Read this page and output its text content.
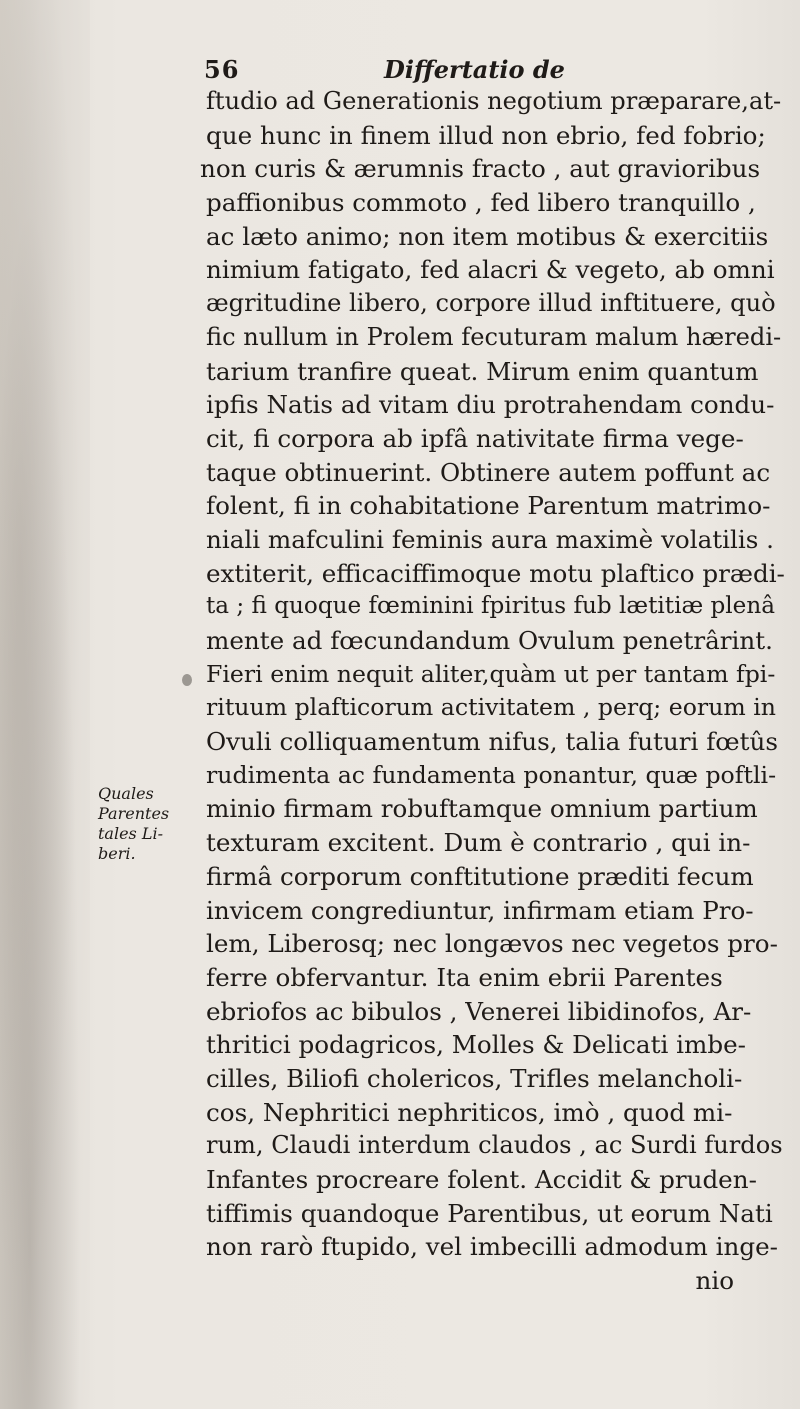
56	Differtatio de
Quales
Parentes
tales Li-
beri.
ftudio ad Generationis negotium præparare,at-
que hunc in finem illud non ebrio, fed fobrio;
non curis & ærumnis fracto , aut gravioribus
paffionibus commoto , fed libero tranquillo ,
ac læto animo; non item motibus & exercitiis
nimium fatigato, fed alacri & vegeto, ab omni
ægritudine libero, corpore illud inftituere, quò
fic nullum in Prolem fecuturam malum hæredi-
tarium tranfire queat. Mirum enim quantum
ipfis Natis ad vitam diu protrahendam condu-
cit, fi corpora ab ipfâ nativitate firma vege-
taque obtinuerint. Obtinere autem poffunt ac
folent, fi in cohabitatione Parentum matrimo-
niali mafculini feminis aura maximè volatilis .
extiterit, efficaciffimoque motu plaftico prædi-
ta ; fi quoque fœminini fpiritus fub lætitiæ plenâ
mente ad fœcundandum Ovulum penetrârint.
Fieri enim nequit aliter,quàm ut per tantam fpi-
rituum plafticorum activitatem , perq; eorum in
Ovuli colliquamentum nifus, talia futuri fœtûs
rudimenta ac fundamenta ponantur, quæ poftli-
minio firmam robuftamque omnium partium
texturam excitent. Dum è contrario , qui in-
firmâ corporum conftitutione præditi fecum
invicem congrediuntur, infirmam etiam Pro-
lem, Liberosq; nec longævos nec vegetos pro-
ferre obfervantur. Ita enim ebrii Parentes
ebriofos ac bibulos , Venerei libidinofos, Ar-
thritici podagricos, Molles & Delicati imbe-
cilles, Biliofi cholericos, Trifles melancholi-
cos, Nephritici nephriticos, imò , quod mi-
rum, Claudi interdum claudos , ac Surdi furdos
Infantes procreare folent. Accidit & pruden-
tiffimis quandoque Parentibus, ut eorum Nati
non rarò ftupido, vel imbecilli admodum inge-
nio
